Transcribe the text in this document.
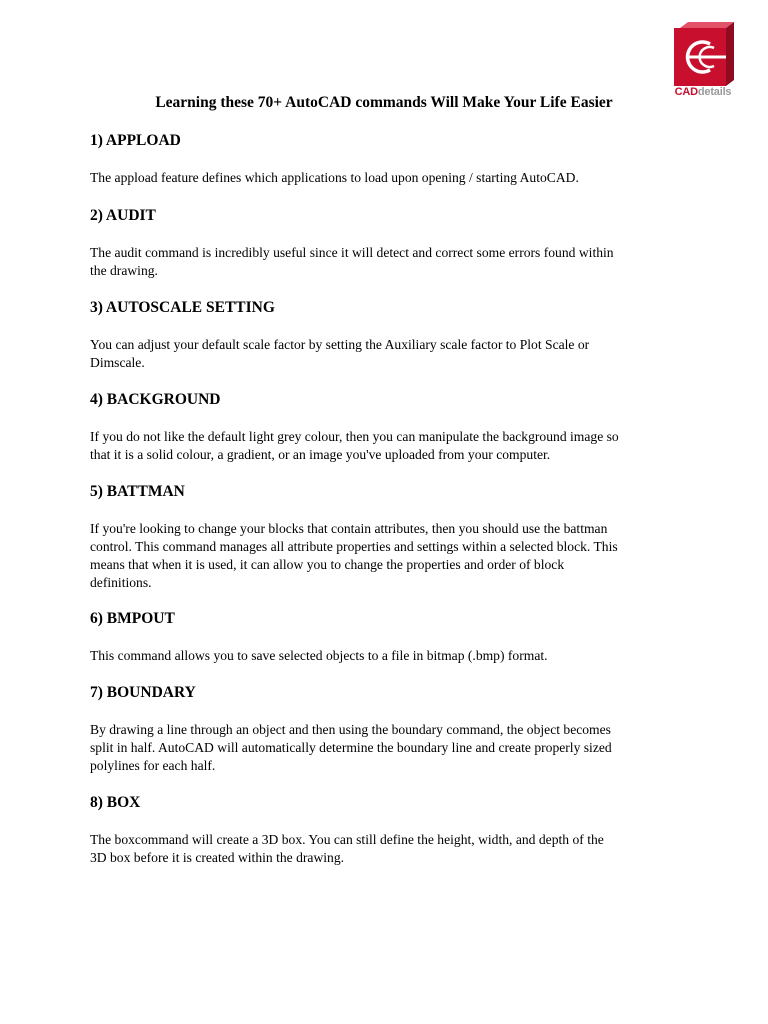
CADdetails
Learning these 70+ AutoCAD commands Will Make Your Life Easier

1) APPLOAD

The appload feature defines which applications to load upon opening / starting AutoCAD.

2) AUDIT

The audit command is incredibly useful since it will detect and correct some errors found within

the drawing.

3) AUTOSCALE SETTING

You can adjust your default scale factor by setting the Auxiliary scale factor to Plot Scale or

Dimscale.

4) BACKGROUND

If you do not like the default light grey colour, then you can manipulate the background image so

that it is a solid colour, a gradient, or an image you've uploaded from your computer.

5) BATTMAN

If you're looking to change your blocks that contain attributes, then you should use the battman

control. This command manages all attribute properties and settings within a selected block. This

means that when it is used, it can allow you to change the properties and order of block

definitions.

6) BMPOUT

This command allows you to save selected objects to a file in bitmap (.bmp) format.

7) BOUNDARY

By drawing a line through an object and then using the boundary command, the object becomes

split in half. AutoCAD will automatically determine the boundary line and create properly sized

polylines for each half.

8) BOX

The boxcommand will create a 3D box. You can still define the height, width, and depth of the

3D box before it is created within the drawing.
